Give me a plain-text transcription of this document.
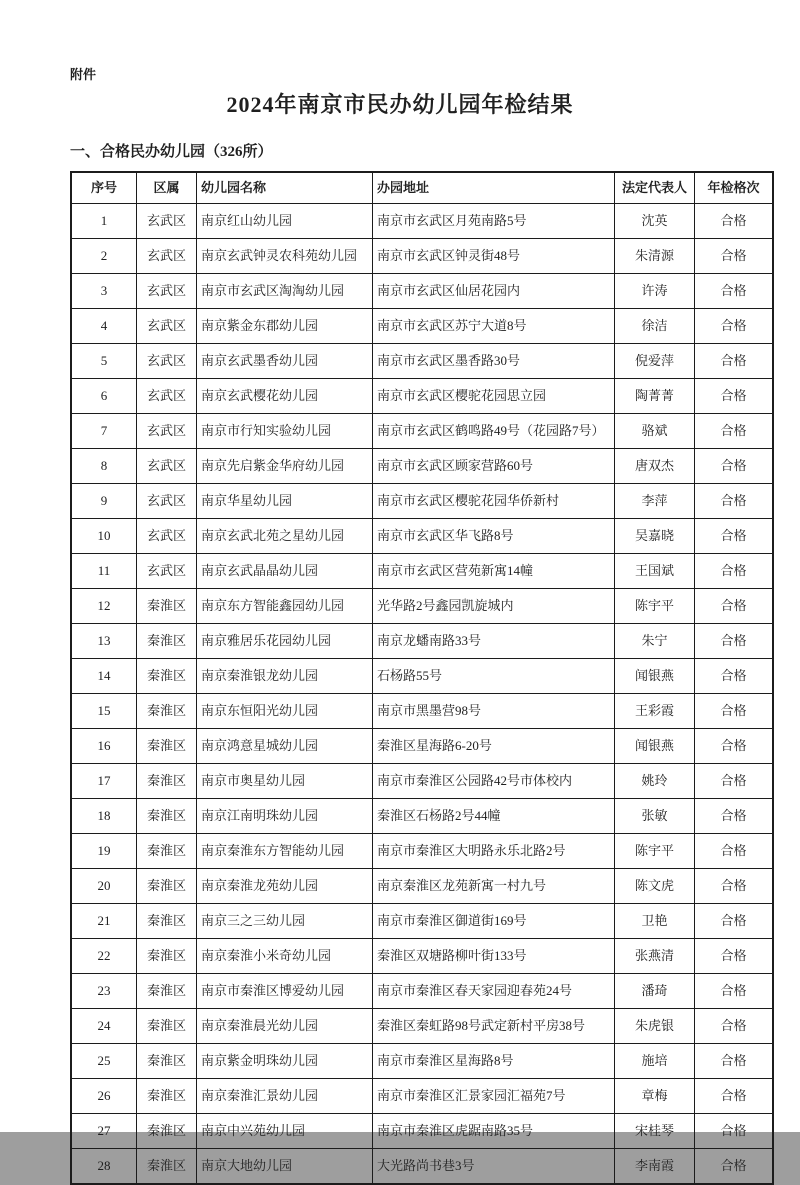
附件
2024年南京市民办幼儿园年检结果
一、合格民办幼儿园（326所）
序号	区属	幼儿园名称	办园地址	法定代表人	年检格次
1	玄武区	南京红山幼儿园	南京市玄武区月苑南路5号	沈英	合格
2	玄武区	南京玄武钟灵农科苑幼儿园	南京市玄武区钟灵街48号	朱清源	合格
3	玄武区	南京市玄武区淘淘幼儿园	南京市玄武区仙居花园内	许涛	合格
4	玄武区	南京紫金东郡幼儿园	南京市玄武区苏宁大道8号	徐洁	合格
5	玄武区	南京玄武墨香幼儿园	南京市玄武区墨香路30号	倪爱萍	合格
6	玄武区	南京玄武樱花幼儿园	南京市玄武区樱驼花园思立园	陶菁菁	合格
7	玄武区	南京市行知实验幼儿园	南京市玄武区鹤鸣路49号（花园路7号）	骆斌	合格
8	玄武区	南京先启紫金华府幼儿园	南京市玄武区顾家营路60号	唐双杰	合格
9	玄武区	南京华星幼儿园	南京市玄武区樱驼花园华侨新村	李萍	合格
10	玄武区	南京玄武北苑之星幼儿园	南京市玄武区华飞路8号	吴嘉晓	合格
11	玄武区	南京玄武晶晶幼儿园	南京市玄武区营苑新寓14幢	王国斌	合格
12	秦淮区	南京东方智能鑫园幼儿园	光华路2号鑫园凯旋城内	陈宇平	合格
13	秦淮区	南京雅居乐花园幼儿园	南京龙蟠南路33号	朱宁	合格
14	秦淮区	南京秦淮银龙幼儿园	石杨路55号	闻银燕	合格
15	秦淮区	南京东恒阳光幼儿园	南京市黑墨营98号	王彩霞	合格
16	秦淮区	南京鸿意星城幼儿园	秦淮区星海路6-20号	闻银燕	合格
17	秦淮区	南京市奥星幼儿园	南京市秦淮区公园路42号市体校内	姚玲	合格
18	秦淮区	南京江南明珠幼儿园	秦淮区石杨路2号44幢	张敏	合格
19	秦淮区	南京秦淮东方智能幼儿园	南京市秦淮区大明路永乐北路2号	陈宇平	合格
20	秦淮区	南京秦淮龙苑幼儿园	南京秦淮区龙苑新寓一村九号	陈文虎	合格
21	秦淮区	南京三之三幼儿园	南京市秦淮区御道街169号	卫艳	合格
22	秦淮区	南京秦淮小米奇幼儿园	秦淮区双塘路柳叶街133号	张燕清	合格
23	秦淮区	南京市秦淮区博爱幼儿园	南京市秦淮区春天家园迎春苑24号	潘琦	合格
24	秦淮区	南京秦淮晨光幼儿园	秦淮区秦虹路98号武定新村平房38号	朱虎银	合格
25	秦淮区	南京紫金明珠幼儿园	南京市秦淮区星海路8号	施培	合格
26	秦淮区	南京秦淮汇景幼儿园	南京市秦淮区汇景家园汇福苑7号	章梅	合格
27	秦淮区	南京中兴苑幼儿园	南京市秦淮区虎踞南路35号	宋桂琴	合格
28	秦淮区	南京大地幼儿园	大光路尚书巷3号	李南霞	合格
